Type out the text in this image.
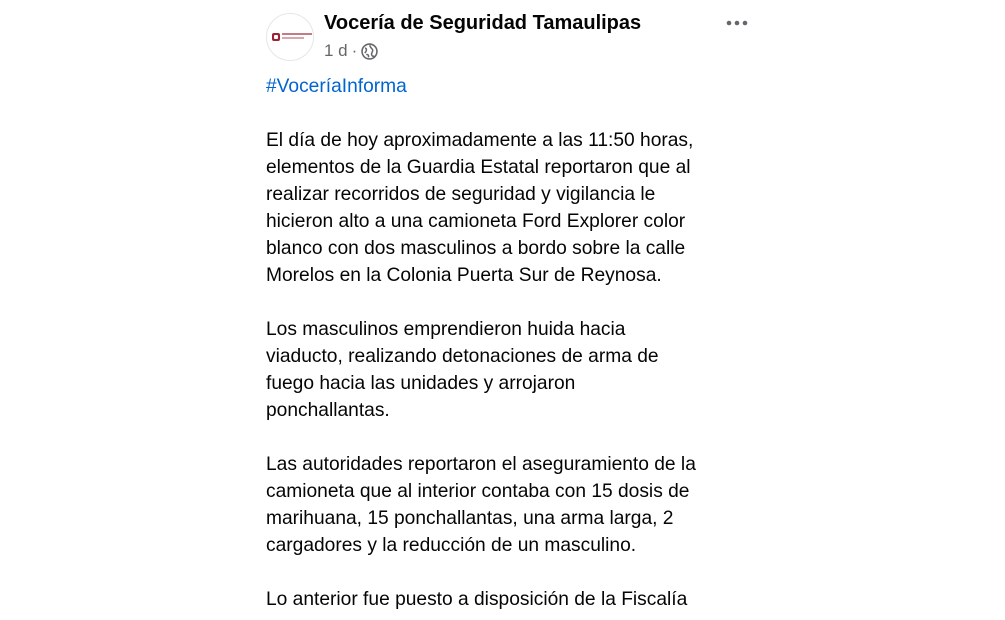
Vocería de Seguridad Tamaulipas
1 d ·
#VoceríaInforma
El día de hoy aproximadamente a las 11:50 horas,
elementos de la Guardia Estatal reportaron que al
realizar recorridos de seguridad y vigilancia le
hicieron alto a una camioneta Ford Explorer color
blanco con dos masculinos a bordo sobre la calle
Morelos en la Colonia Puerta Sur de Reynosa.
Los masculinos emprendieron huida hacia
viaducto, realizando detonaciones de arma de
fuego hacia las unidades y arrojaron
ponchallantas.
Las autoridades reportaron el aseguramiento de la
camioneta que al interior contaba con 15 dosis de
marihuana, 15 ponchallantas, una arma larga, 2
cargadores y la reducción de un masculino.
Lo anterior fue puesto a disposición de la Fiscalía
